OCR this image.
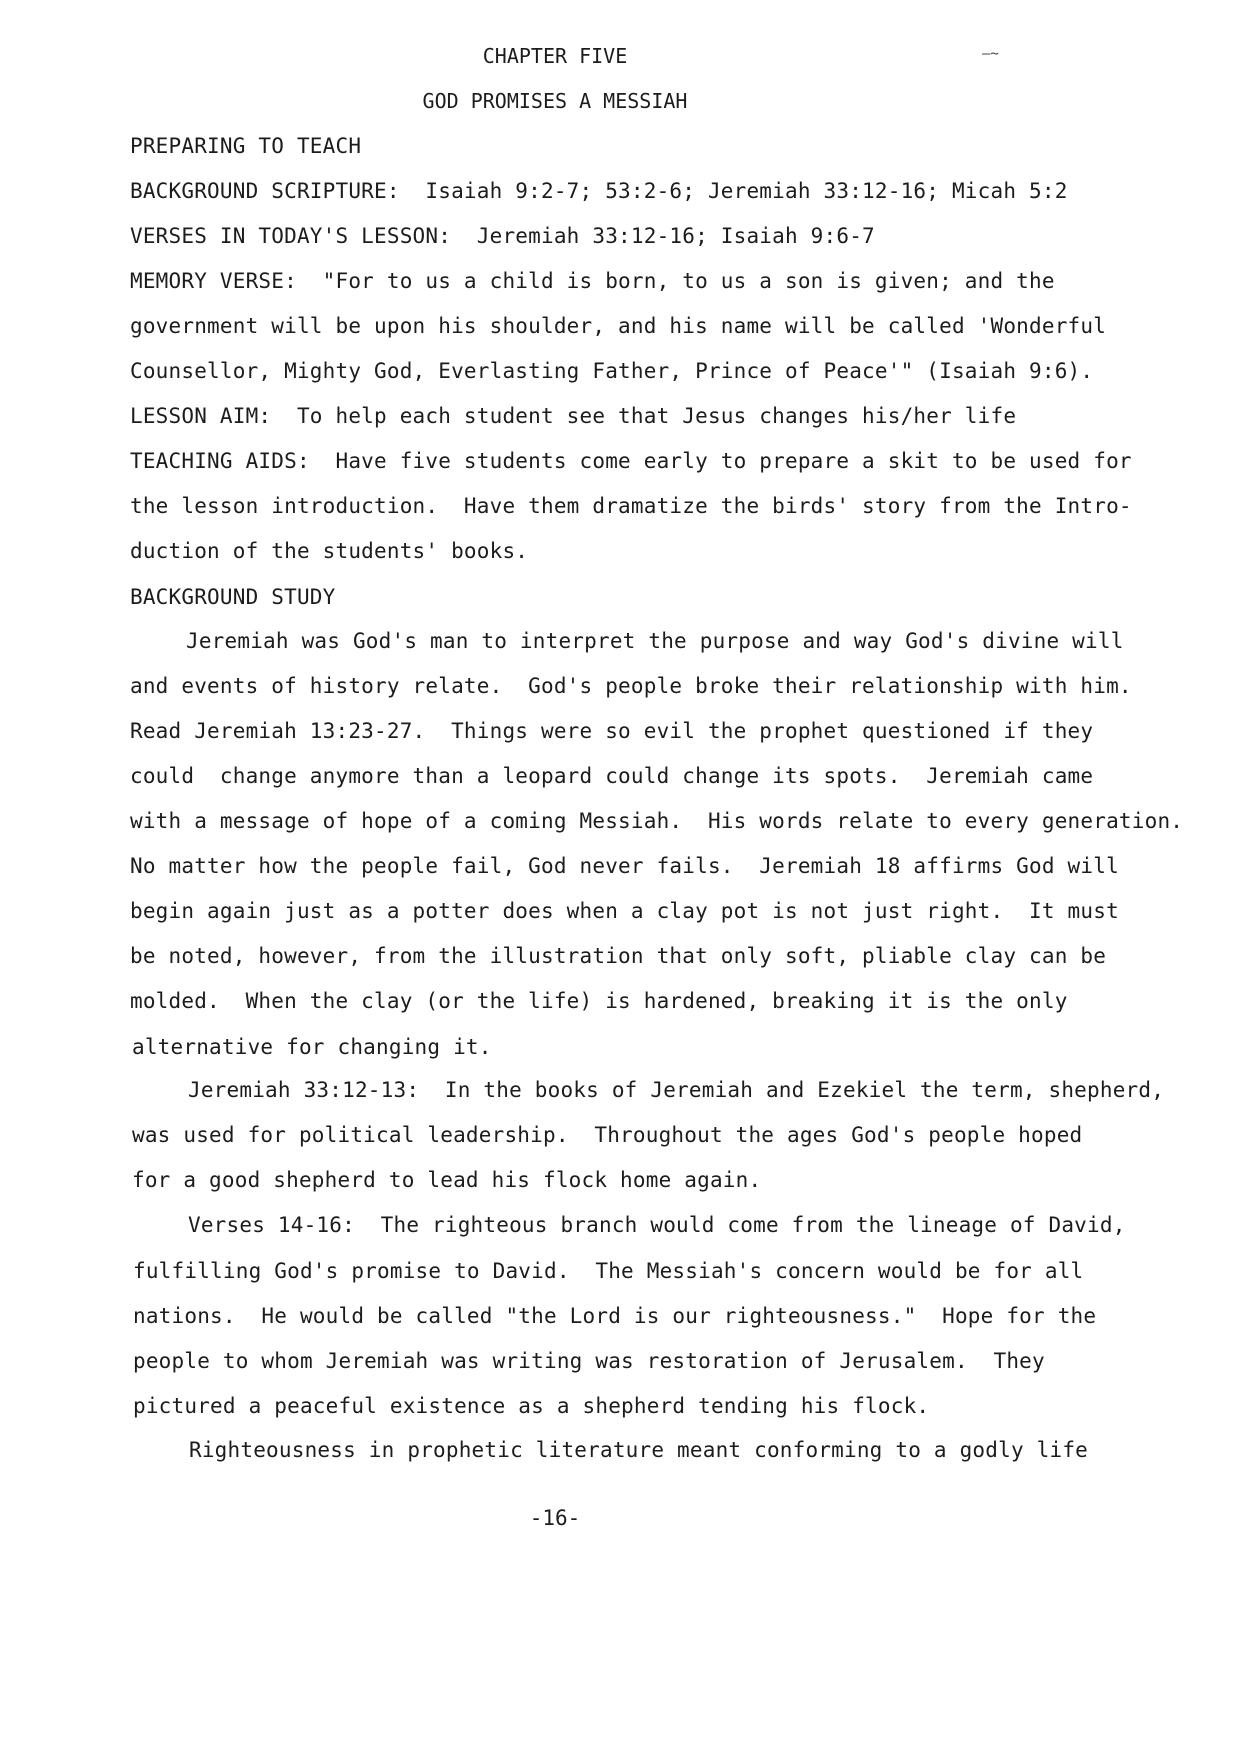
CHAPTER FIVE	—~
GOD PROMISES A MESSIAH
PREPARING TO TEACH
BACKGROUND SCRIPTURE:  Isaiah 9:2-7; 53:2-6; Jeremiah 33:12-16; Micah 5:2
VERSES IN TODAY'S LESSON:  Jeremiah 33:12-16; Isaiah 9:6-7
MEMORY VERSE:  "For to us a child is born, to us a son is given; and the
government will be upon his shoulder, and his name will be called 'Wonderful
Counsellor, Mighty God, Everlasting Father, Prince of Peace'" (Isaiah 9:6).
LESSON AIM:  To help each student see that Jesus changes his/her life
TEACHING AIDS:  Have five students come early to prepare a skit to be used for
the lesson introduction.  Have them dramatize the birds' story from the Intro-
duction of the students' books.
BACKGROUND STUDY
Jeremiah was God's man to interpret the purpose and way God's divine will
and events of history relate.  God's people broke their relationship with him.
Read Jeremiah 13:23-27.  Things were so evil the prophet questioned if they
could  change anymore than a leopard could change its spots.  Jeremiah came
with a message of hope of a coming Messiah.  His words relate to every generation.
No matter how the people fail, God never fails.  Jeremiah 18 affirms God will
begin again just as a potter does when a clay pot is not just right.  It must
be noted, however, from the illustration that only soft, pliable clay can be
molded.  When the clay (or the life) is hardened, breaking it is the only
alternative for changing it.
Jeremiah 33:12-13:  In the books of Jeremiah and Ezekiel the term, shepherd,
was used for political leadership.  Throughout the ages God's people hoped
for a good shepherd to lead his flock home again.
Verses 14-16:  The righteous branch would come from the lineage of David,
fulfilling God's promise to David.  The Messiah's concern would be for all
nations.  He would be called "the Lord is our righteousness."  Hope for the
people to whom Jeremiah was writing was restoration of Jerusalem.  They
pictured a peaceful existence as a shepherd tending his flock.
Righteousness in prophetic literature meant conforming to a godly life
-16-
